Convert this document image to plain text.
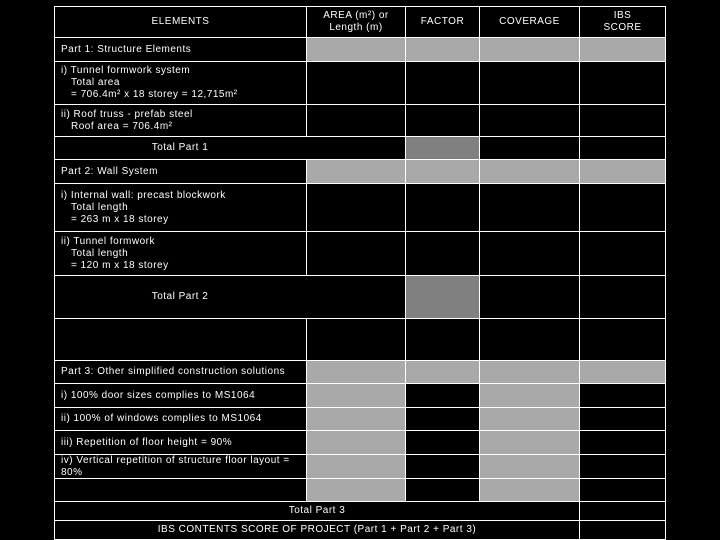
ELEMENTS
AREA (m²) or
Length (m)
FACTOR	COVERAGE
IBS
SCORE
Part 1: Structure Elements
i) Tunnel formwork system
Total area
= 706.4m² x 18 storey = 12,715m²
ii) Roof truss - prefab steel
Roof area = 706.4m²
Total Part 1
Part 2: Wall System
i) Internal wall: precast blockwork
Total length
= 263 m x 18 storey
ii) Tunnel formwork
Total length
= 120 m x 18 storey
Total Part 2
Part 3: Other simplified construction solutions
i) 100% door sizes complies to MS1064
ii) 100% of windows complies to MS1064
iii) Repetition of floor height = 90%
iv) Vertical repetition of structure floor layout = 80%
Total Part 3
IBS CONTENTS SCORE OF PROJECT (Part 1 + Part 2 + Part 3)
